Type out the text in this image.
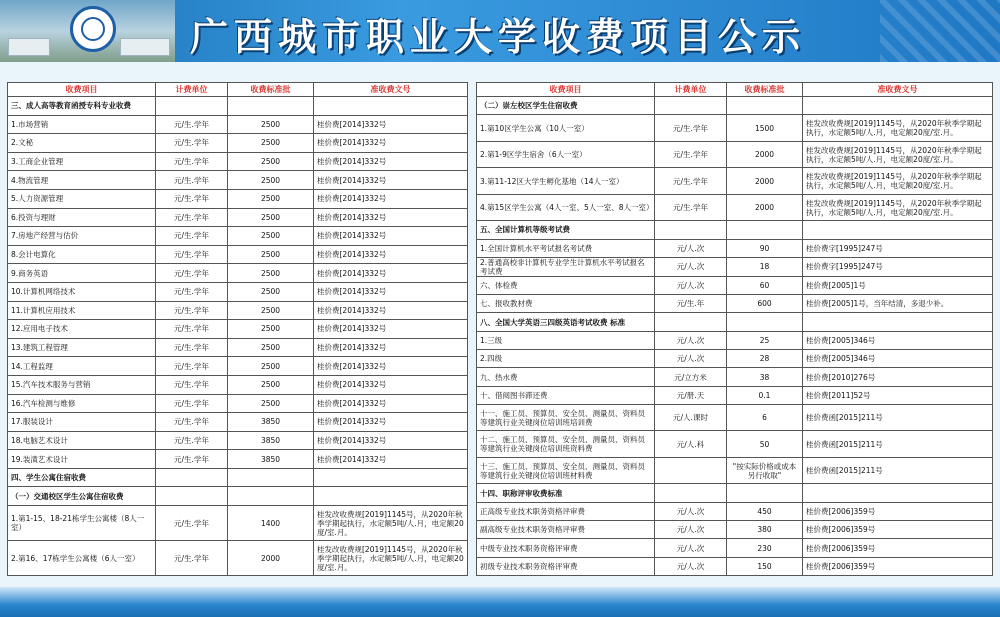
广西城市职业大学收费项目公示
收费项目	计费单位	收费标准批	准收费文号
三、成人高等教育函授专科专业收费			
1.市场营销	元/生.学年	2500	桂价费[2014]332号
2.文秘	元/生.学年	2500	桂价费[2014]332号
3.工商企业管理	元/生.学年	2500	桂价费[2014]332号
4.物流管理	元/生.学年	2500	桂价费[2014]332号
5.人力资源管理	元/生.学年	2500	桂价费[2014]332号
6.投资与理财	元/生.学年	2500	桂价费[2014]332号
7.房地产经营与估价	元/生.学年	2500	桂价费[2014]332号
8.会计电算化	元/生.学年	2500	桂价费[2014]332号
9.商务英语	元/生.学年	2500	桂价费[2014]332号
10.计算机网络技术	元/生.学年	2500	桂价费[2014]332号
11.计算机应用技术	元/生.学年	2500	桂价费[2014]332号
12.应用电子技术	元/生.学年	2500	桂价费[2014]332号
13.建筑工程管理	元/生.学年	2500	桂价费[2014]332号
14.工程监理	元/生.学年	2500	桂价费[2014]332号
15.汽车技术服务与营销	元/生.学年	2500	桂价费[2014]332号
16.汽车检测与维修	元/生.学年	2500	桂价费[2014]332号
17.服装设计	元/生.学年	3850	桂价费[2014]332号
18.电脑艺术设计	元/生.学年	3850	桂价费[2014]332号
19.装潢艺术设计	元/生.学年	3850	桂价费[2014]332号
四、学生公寓住宿收费			
（一）交通校区学生公寓住宿收费			
1.第1-15、18-21栋学生公寓楼（8人一室）	元/生.学年	1400	桂发改收费规[2019]1145号，从2020年秋季学期起执行，水定额5吨/人.月，电定额20度/室.月。
2.第16、17栋学生公寓楼（6人一室）	元/生.学年	2000	桂发改收费规[2019]1145号，从2020年秋季学期起执行，水定额5吨/人.月，电定额20度/室.月。
收费项目	计费单位	收费标准批	准收费文号
（二）崇左校区学生住宿收费			
1.第10区学生公寓（10人一室）	元/生.学年	1500	桂发改收费规[2019]1145号，从2020年秋季学期起执行，水定额5吨/人.月，电定额20度/室.月。
2.第1-9区学生宿舍（6人一室）	元/生.学年	2000	桂发改收费规[2019]1145号，从2020年秋季学期起执行，水定额5吨/人.月，电定额20度/室.月。
3.第11-12区大学生孵化基地（14人一室）	元/生.学年	2000	桂发改收费规[2019]1145号，从2020年秋季学期起执行，水定额5吨/人.月，电定额20度/室.月。
4.第15区学生公寓（4人一室、5人一室、8人一室）	元/生.学年	2000	桂发改收费规[2019]1145号，从2020年秋季学期起执行，水定额5吨/人.月，电定额20度/室.月。
五、全国计算机等级考试费			
1.全国计算机水平考试报名考试费	元/人.次	90	桂价费字[1995]247号
2.普通高校非计算机专业学生计算机水平考试报名考试费	元/人.次	18	桂价费字[1995]247号
六、体检费	元/人.次	60	桂价费[2005]1号
七、报收教材费	元/生.年	600	桂价费[2005]1号，当年结清，多退少补。
八、全国大学英语三四级英语考试收费 标准			
1.三级	元/人.次	25	桂价费[2005]346号
2.四级	元/人.次	28	桂价费[2005]346号
九、热水费	元/立方米	38	桂价费[2010]276号
十、借阅图书滞还费	元/册.天	0.1	桂价费[2011]52号
十一、施工员、预算员、安全员、测量员、资料员等建筑行业关键岗位培训班培训费	元/人.课时	6	桂价费函[2015]211号
十二、施工员、预算员、安全员、测量员、资料员等建筑行业关键岗位培训班资料费	元/人.科	50	桂价费函[2015]211号
十三、施工员、预算员、安全员、测量员、资料员等建筑行业关键岗位培训班材料费		"按实际价格或成本另行收取"	桂价费函[2015]211号
十四、职称评审收费标准			
正高级专业技术职务资格评审费	元/人.次	450	桂价费[2006]359号
副高级专业技术职务资格评审费	元/人.次	380	桂价费[2006]359号
中级专业技术职务资格评审费	元/人.次	230	桂价费[2006]359号
初级专业技术职务资格评审费	元/人.次	150	桂价费[2006]359号
